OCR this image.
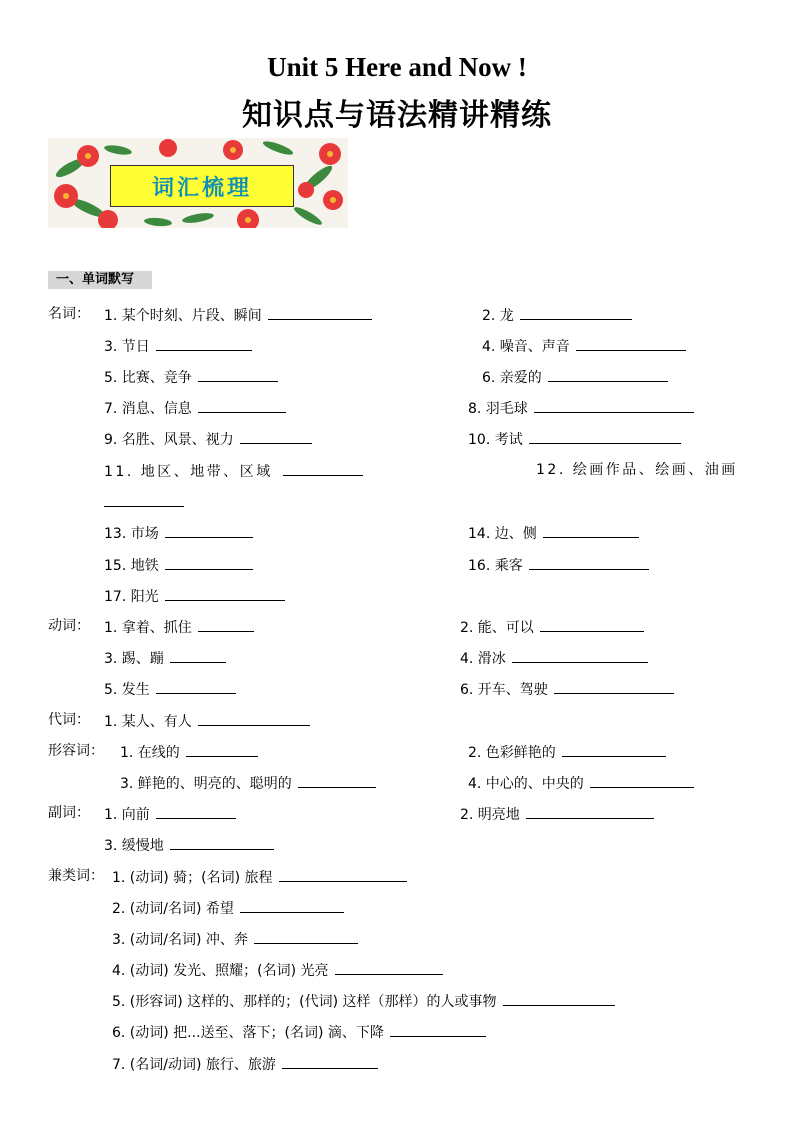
Unit 5 Here and Now !
知识点与语法精讲精练
词汇梳理
一、单词默写
名词： 1. 某个时刻、片段、瞬间	2. 龙
3. 节日	4. 噪音、声音
5. 比赛、竞争	6. 亲爱的
7. 消息、信息	8. 羽毛球
9. 名胜、风景、视力	10. 考试
11. 地区、地带、区域	12. 绘画作品、绘画、油画
13. 市场	14. 边、侧
15. 地铁	16. 乘客
17. 阳光
动词： 1. 拿着、抓住	2. 能、可以
3. 踢、蹦	4. 滑冰
5. 发生	6. 开车、驾驶
代词： 1. 某人、有人
形容词： 1. 在线的	2. 色彩鲜艳的
3. 鲜艳的、明亮的、聪明的	4. 中心的、中央的
副词： 1. 向前	2. 明亮地
3. 缓慢地
兼类词： 1. (动词) 骑；(名词) 旅程
2. (动词/名词) 希望
3. (动词/名词) 冲、奔
4. (动词) 发光、照耀；(名词) 光亮
5. (形容词) 这样的、那样的；(代词) 这样（那样）的人或事物
6. (动词) 把...送至、落下；(名词) 滴、下降
7. (名词/动词) 旅行、旅游
